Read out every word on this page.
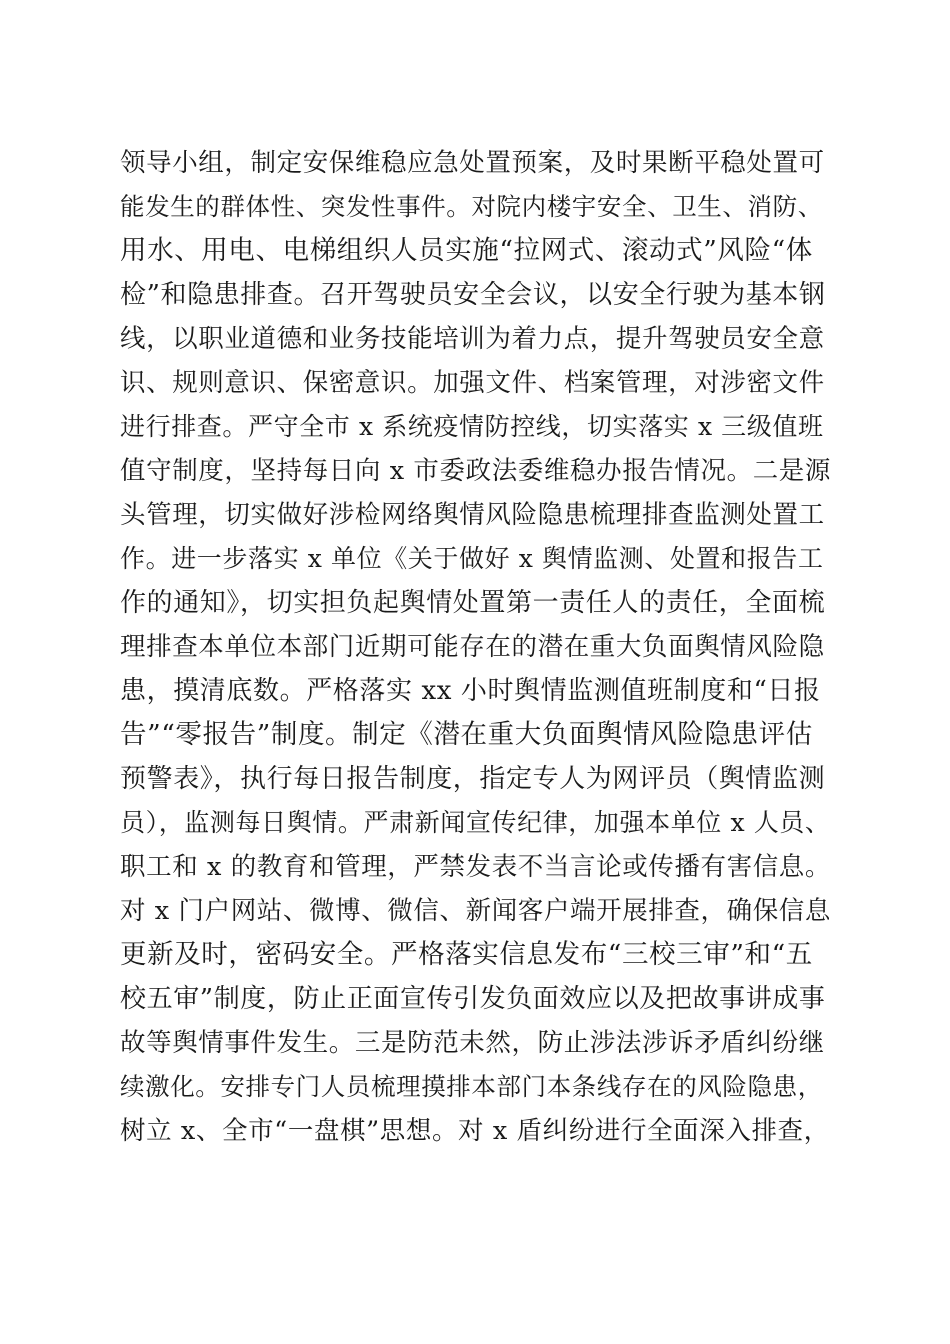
领导小组，制定安保维稳应急处置预案，及时果断平稳处置可
能发生的群体性、突发性事件。对院内楼宇安全、卫生、消防、
用水、用电、电梯组织人员实施“拉网式、滚动式”风险“体
检”和隐患排查。召开驾驶员安全会议，以安全行驶为基本钢
线，以职业道德和业务技能培训为着力点，提升驾驶员安全意
识、规则意识、保密意识。加强文件、档案管理，对涉密文件
进行排查。严守全市 x 系统疫情防控线，切实落实 x 三级值班
值守制度，坚持每日向 x 市委政法委维稳办报告情况。二是源
头管理，切实做好涉检网络舆情风险隐患梳理排查监测处置工
作。进一步落实 x 单位《关于做好 x 舆情监测、处置和报告工
作的通知》，切实担负起舆情处置第一责任人的责任，全面梳
理排查本单位本部门近期可能存在的潜在重大负面舆情风险隐
患，摸清底数。严格落实 xx 小时舆情监测值班制度和“日报
告”“零报告”制度。制定《潜在重大负面舆情风险隐患评估
预警表》，执行每日报告制度，指定专人为网评员（舆情监测
员），监测每日舆情。严肃新闻宣传纪律，加强本单位 x 人员、
职工和 x 的教育和管理，严禁发表不当言论或传播有害信息。
对 x 门户网站、微博、微信、新闻客户端开展排查，确保信息
更新及时，密码安全。严格落实信息发布“三校三审”和“五
校五审”制度，防止正面宣传引发负面效应以及把故事讲成事
故等舆情事件发生。三是防范未然，防止涉法涉诉矛盾纠纷继
续激化。安排专门人员梳理摸排本部门本条线存在的风险隐患，
树立 x、全市“一盘棋”思想。对 x 盾纠纷进行全面深入排查，
